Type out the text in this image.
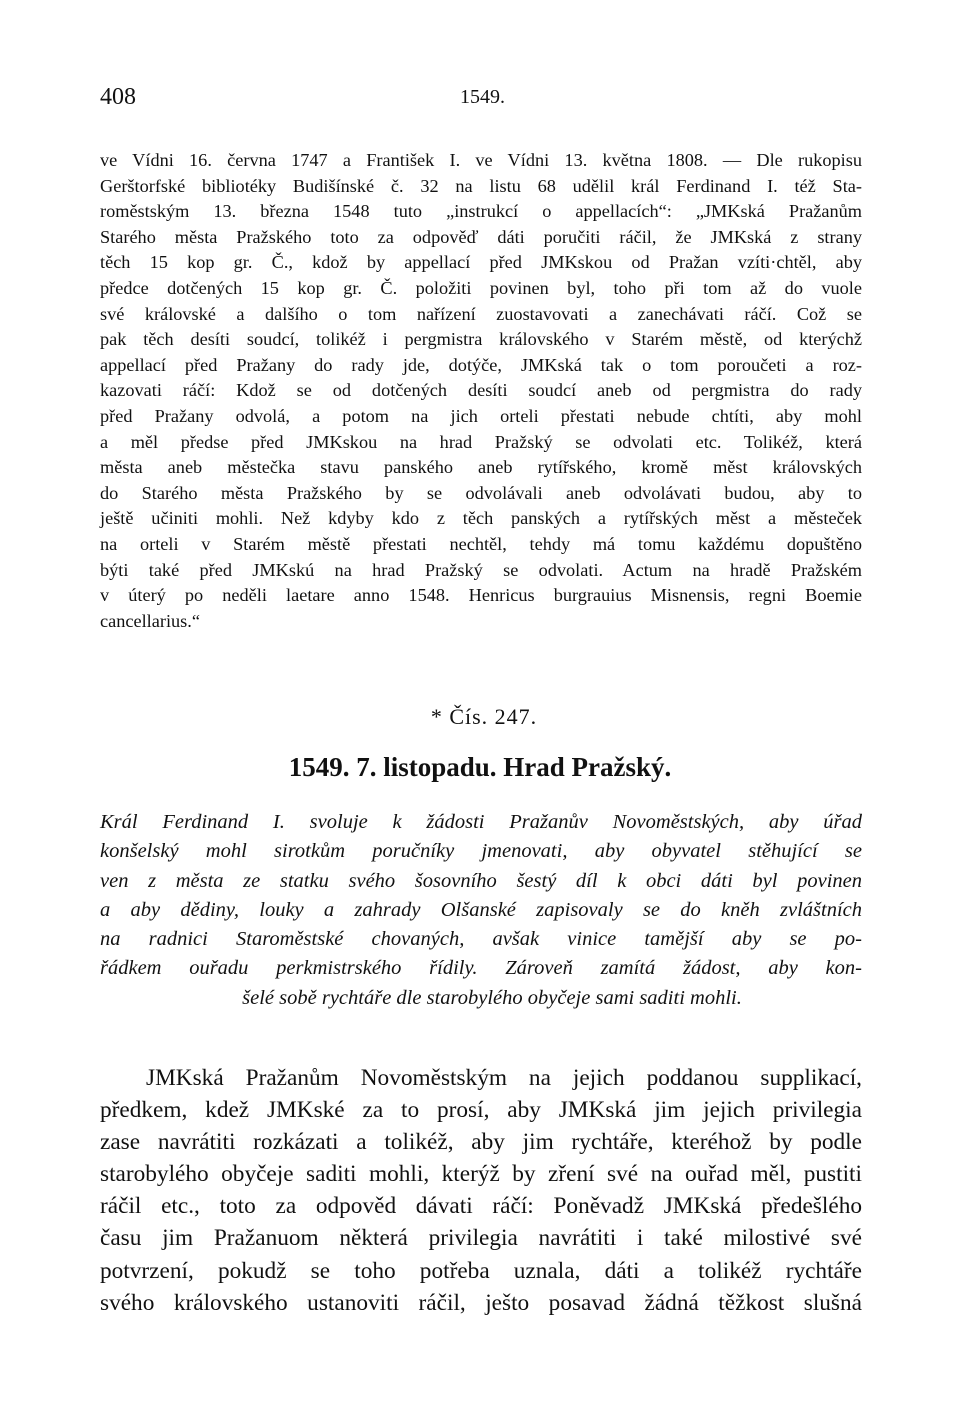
408	1549.
ve Vídni 16. června 1747 a František I. ve Vídni 13. května 1808. — Dle rukopisu
Gerštorfské bibliotéky Budišínské č. 32 na listu 68 udělil král Ferdinand I. též Sta-
roměstským 13. března 1548 tuto „instrukcí o appellacích“: „JMKská Pražanům
Starého města Pražského toto za odpověď dáti poručiti ráčil, že JMKská z strany
těch 15 kop gr. Č., kdož by appellací před JMKskou od Pražan vzíti·chtěl, aby
předce dotčených 15 kop gr. Č. položiti povinen byl, toho při tom až do vuole
své královské a dalšího o tom nařízení zuostavovati a zanechávati ráčí. Což se
pak těch desíti soudcí, tolikéž i pergmistra královského v Starém městě, od kterýchž
appellací před Pražany do rady jde, dotýče, JMKská tak o tom poroučeti a roz-
kazovati ráčí: Kdož se od dotčených desíti soudcí aneb od pergmistra do rady
před Pražany odvolá, a potom na jich orteli přestati nebude chtíti, aby mohl
a měl předse před JMKskou na hrad Pražský se odvolati etc. Tolikéž, která
města aneb městečka stavu panského aneb rytířského, kromě měst královských
do Starého města Pražského by se odvolávali aneb odvolávati budou, aby to
ještě učiniti mohli. Než kdyby kdo z těch panských a rytířských měst a městeček
na orteli v Starém městě přestati nechtěl, tehdy má tomu každému dopuštěno
býti také před JMKskú na hrad Pražský se odvolati. Actum na hradě Pražském
v úterý po neděli laetare anno 1548. Henricus burgrauius Misnensis, regni Boemie
cancellarius.“
* Čís. 247.
1549. 7. listopadu. Hrad Pražský.
Král Ferdinand I. svoluje k žádosti Pražanův Novoměstských, aby úřad
konšelský mohl sirotkům poručníky jmenovati, aby obyvatel stěhující se
ven z města ze statku svého šosovního šestý díl k obci dáti byl povinen
a aby dědiny, louky a zahrady Olšanské zapisovaly se do kněh zvláštních
na radnici Staroměstské chovaných, avšak vinice tamější aby se po-
řádkem ouřadu perkmistrského řídily. Zároveň zamítá žádost, aby kon-
šelé sobě rychtáře dle starobylého obyčeje sami saditi mohli.
JMKská Pražanům Novoměstským na jejich poddanou supplikací,
předkem, kdež JMKské za to prosí, aby JMKská jim jejich privilegia
zase navrátiti rozkázati a tolikéž, aby jim rychtáře, kteréhož by podle
starobylého obyčeje saditi mohli, kterýž by zření své na ouřad měl, pustiti
ráčil etc., toto za odpověd dávati ráčí: Poněvadž JMKská předešlého
času jim Pražanuom některá privilegia navrátiti i také milostivé své
potvrzení, pokudž se toho potřeba uznala, dáti a tolikéž rychtáře
svého královského ustanoviti ráčil, ješto posavad žádná těžkost slušná
